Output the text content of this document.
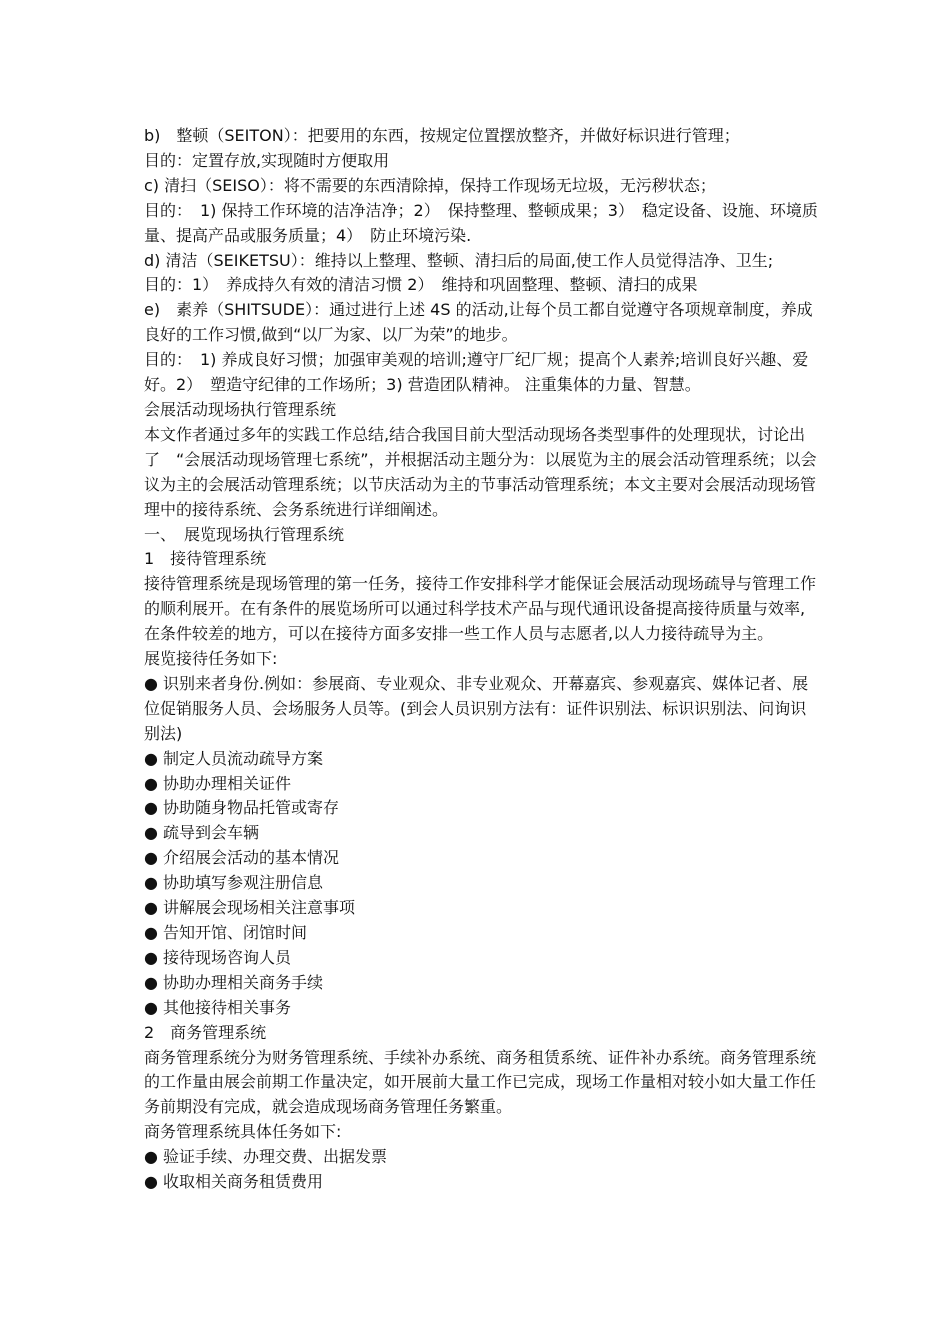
b)　整顿（SEITON）：把要用的东西，按规定位置摆放整齐，并做好标识进行管理；

目的：定置存放,实现随时方便取用

c) 清扫（SEISO）：将不需要的东西清除掉，保持工作现场无垃圾，无污秽状态；

目的：　1) 保持工作环境的洁净洁净；2）　保持整理、整顿成果；3）　稳定设备、设施、环境质量、提高产品或服务质量；4）　防止环境污染.

d) 清洁（SEIKETSU）：维持以上整理、整顿、清扫后的局面,使工作人员觉得洁净、卫生;

目的：1）　养成持久有效的清洁习惯 2）　维持和巩固整理、整顿、清扫的成果

e)　素养（SHITSUDE）：通过进行上述 4S 的活动,让每个员工都自觉遵守各项规章制度，养成良好的工作习惯,做到“以厂为家、以厂为荣”的地步。

目的：　1) 养成良好习惯；加强审美观的培训;遵守厂纪厂规；提高个人素养;培训良好兴趣、爱好。2）　塑造守纪律的工作场所；3) 营造团队精神。 注重集体的力量、智慧。

会展活动现场执行管理系统

本文作者通过多年的实践工作总结,结合我国目前大型活动现场各类型事件的处理现状，讨论出了　“会展活动现场管理七系统”，并根据活动主题分为：以展览为主的展会活动管理系统；以会议为主的会展活动管理系统；以节庆活动为主的节事活动管理系统；本文主要对会展活动现场管理中的接待系统、会务系统进行详细阐述。

一、　展览现场执行管理系统

1　接待管理系统

接待管理系统是现场管理的第一任务，接待工作安排科学才能保证会展活动现场疏导与管理工作的顺利展开。在有条件的展览场所可以通过科学技术产品与现代通讯设备提高接待质量与效率,在条件较差的地方，可以在接待方面多安排一些工作人员与志愿者,以人力接待疏导为主。

展览接待任务如下:

● 识别来者身份.例如：参展商、专业观众、非专业观众、开幕嘉宾、参观嘉宾、媒体记者、展位促销服务人员、会场服务人员等。(到会人员识别方法有：证件识别法、标识识别法、问询识别法)

● 制定人员流动疏导方案

● 协助办理相关证件

● 协助随身物品托管或寄存

● 疏导到会车辆

● 介绍展会活动的基本情况

● 协助填写参观注册信息

● 讲解展会现场相关注意事项

● 告知开馆、闭馆时间

● 接待现场咨询人员

● 协助办理相关商务手续

● 其他接待相关事务

2　商务管理系统

商务管理系统分为财务管理系统、手续补办系统、商务租赁系统、证件补办系统。商务管理系统的工作量由展会前期工作量决定，如开展前大量工作已完成，现场工作量相对较小如大量工作任务前期没有完成，就会造成现场商务管理任务繁重。

商务管理系统具体任务如下:

● 验证手续、办理交费、出据发票

● 收取相关商务租赁费用
